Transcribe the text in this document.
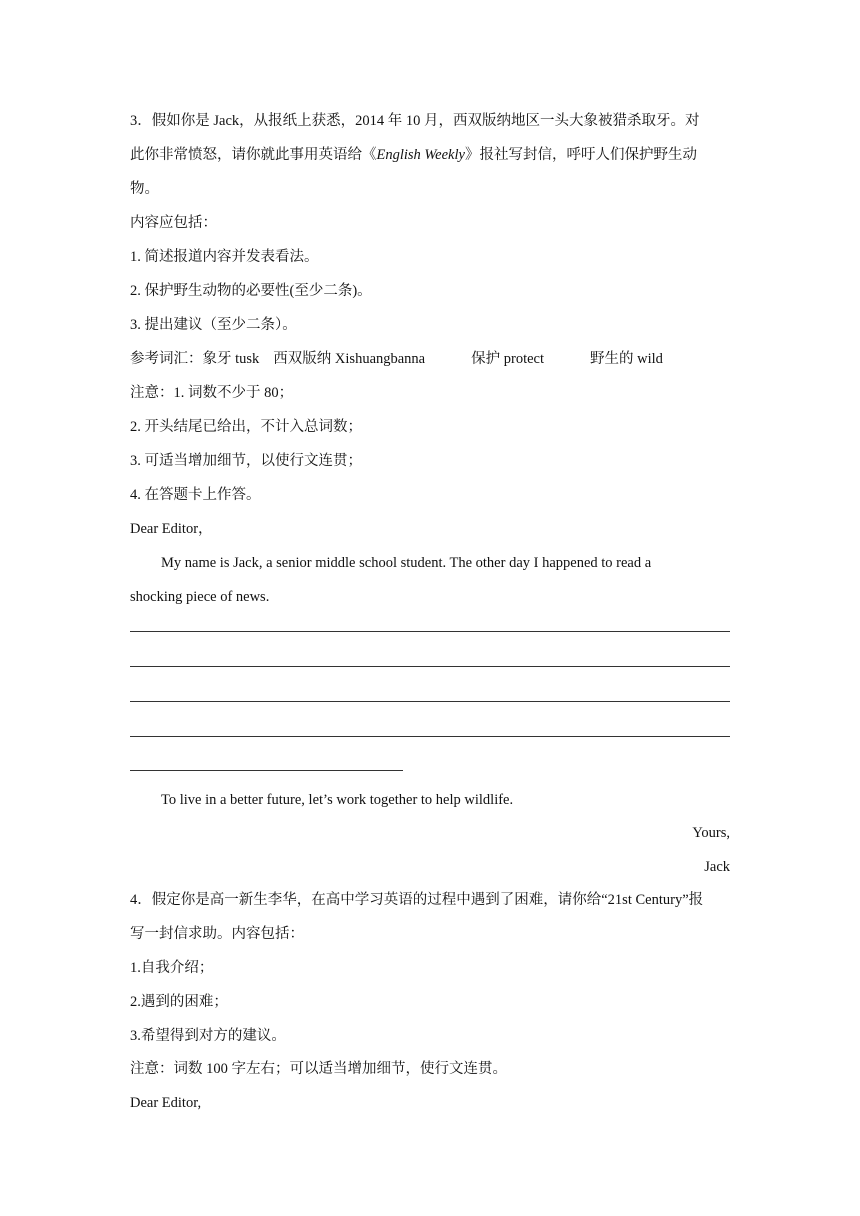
3．假如你是 Jack，从报纸上获悉，2014 年 10 月，西双版纳地区一头大象被猎杀取牙。对
此你非常愤怒，请你就此事用英语给《English Weekly》报社写封信，呼吁人们保护野生动
物。
内容应包括：
1. 简述报道内容并发表看法。
2. 保护野生动物的必要性(至少二条)。
3. 提出建议（至少二条）。
参考词汇：象牙 tusk 西双版纳 Xishuangbanna	保护 protect	野生的 wild
注意：1. 词数不少于 80；
2. 开头结尾已给出，不计入总词数；
3. 可适当增加细节，以使行文连贯；
4. 在答题卡上作答。
Dear Editor，
My name is Jack, a senior middle school student. The other day I happened to read a
shocking piece of news.
To live in a better future, let’s work together to help wildlife.
Yours,
Jack
4．假定你是高一新生李华，在高中学习英语的过程中遇到了困难，请你给“21st Century”报
写一封信求助。内容包括：
1.自我介绍；
2.遇到的困难；
3.希望得到对方的建议。
注意：词数 100 字左右；可以适当增加细节，使行文连贯。
Dear Editor,
